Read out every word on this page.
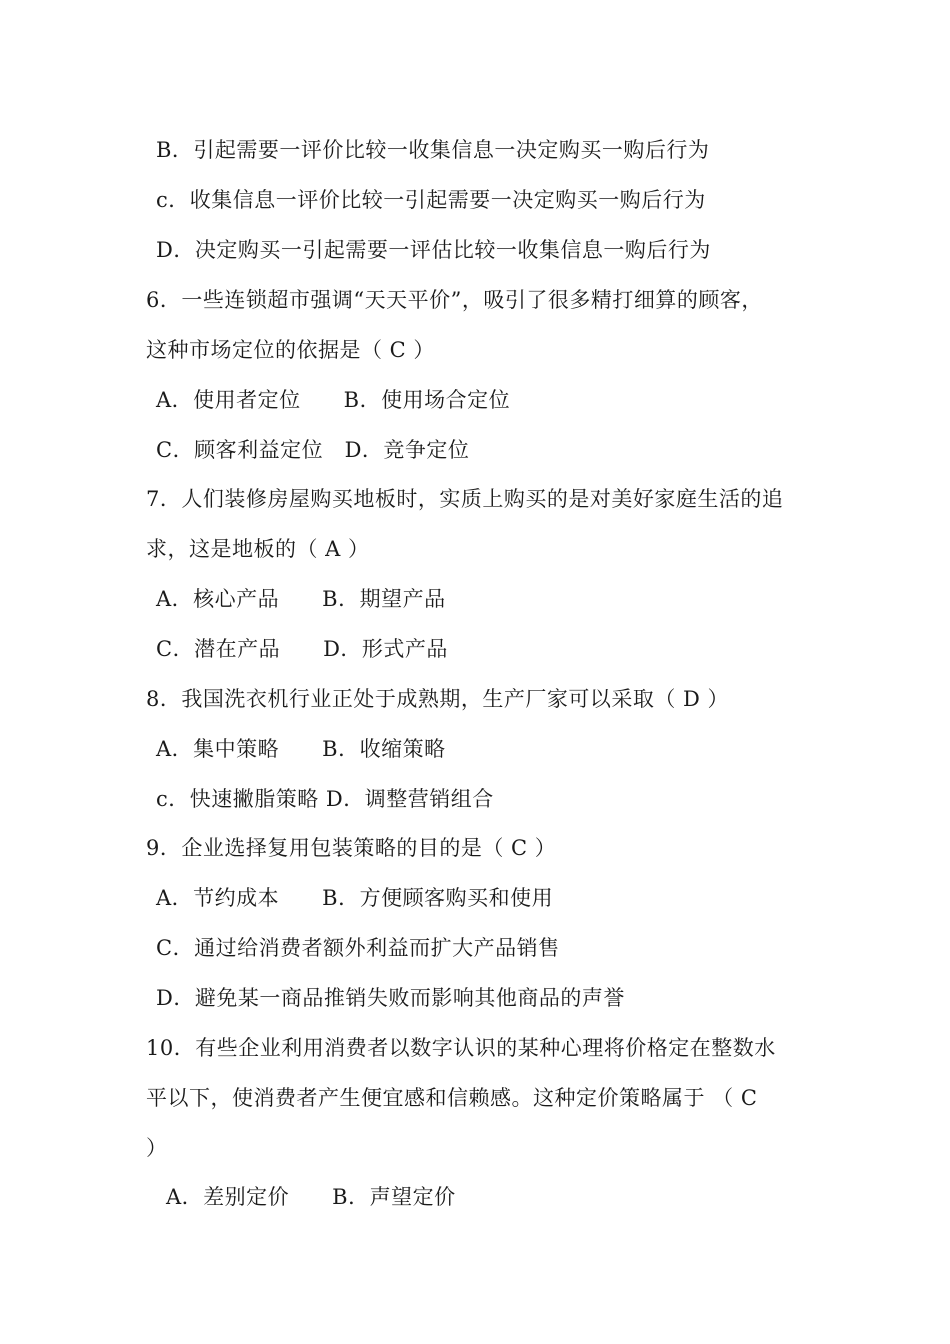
B．引起需要一评价比较一收集信息一决定购买一购后行为
c．收集信息一评价比较一引起需要一决定购买一购后行为
D．决定购买一引起需要一评估比较一收集信息一购后行为
6．一些连锁超市强调“天天平价”，吸引了很多精打细算的顾客，
这种市场定位的依据是（ C ）
A．使用者定位　　B．使用场合定位
C．顾客利益定位　D．竞争定位
7．人们装修房屋购买地板时，实质上购买的是对美好家庭生活的追
求，这是地板的（ A ）
A．核心产品　　B．期望产品
C．潜在产品　　D．形式产品
8．我国洗衣机行业正处于成熟期，生产厂家可以采取（ D ）
A．集中策略　　B．收缩策略
c．快速撇脂策略 D．调整营销组合
9．企业选择复用包装策略的目的是（ C ）
A．节约成本　　B．方便顾客购买和使用
C．通过给消费者额外利益而扩大产品销售
D．避免某一商品推销失败而影响其他商品的声誉
10．有些企业利用消费者以数字认识的某种心理将价格定在整数水
平以下，使消费者产生便宜感和信赖感。这种定价策略属于 （ C
）
A．差别定价　　B．声望定价
